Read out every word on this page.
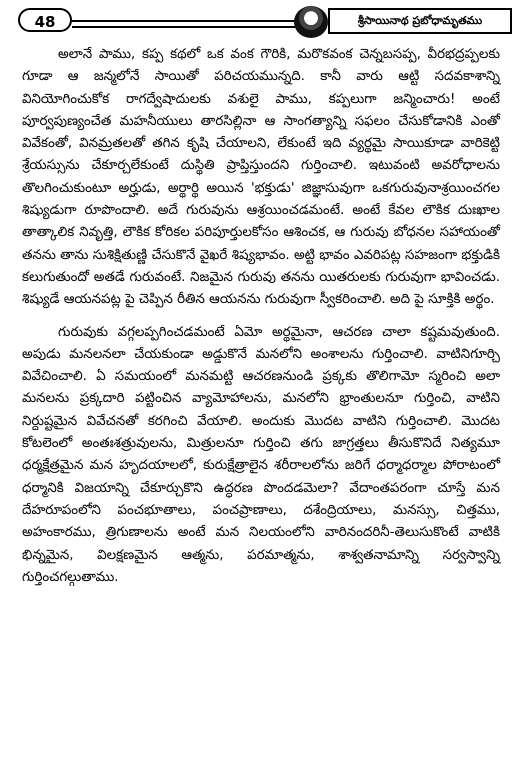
48	శ్రీసాయినాథ ప్రబోధామృతము

అలానే పాము, కప్ప కథలో ఒక వంక గౌరికి, మరొకవంక చెన్నబసప్ప, వీరభద్రప్పలకు గూడా ఆ జన్మలోనే సాయితో పరిచయమున్నది. కానీ వారు ఆట్టి సదవకాశాన్ని వినియోగించుకోక రాగద్వేషాదులకు వశులై పాము, కప్పలుగా జన్మించారు! అంటే పూర్వపుణ్యంచేత మహనీయులు తారసిల్లినా ఆ సాంగత్యాన్ని సఫలం చేసుకోడానికి ఎంతో వివేకంతో, వినమ్రతలతో తగిన కృషి చేయాలని, లేకుంటే ఇది వ్యర్థమై సాయికూడా వారికెట్టి శ్రేయస్సును చేకూర్చలేకుంటే దుస్థితి ప్రాప్తిస్తుందని గుర్తించాలి. ఇటువంటి అవరోధాలను తొలగించుకుంటూ అర్హుడు, అర్థార్థి అయిన 'భక్తుడు' జిజ్ఞాసువుగా ఒకగురువునాశ్రయించగల శిష్యుడుగా రూపొందాలి. అదే గురువును ఆశ్రయించడమంటే. అంటే కేవల లౌకిక దుఃఖాల తాత్కాలిక నివృత్తి, లౌకిక కోరికల పరిపూర్తులకోసం ఆశించక, ఆ గురువు బోధనల సహాయంతో తనను తాను సుశిక్షితుణ్ణి చేసుకొనే వైఖరే శిష్యభావం. అట్టి భావం ఎవరిపట్ల సహజంగా భక్తుడికి కలుగుతుందో అతడే గురువంటే. నిజమైన గురువు తనను యితరులకు గురువుగా భావించడు. శిష్యుడే ఆయనపట్ల పై చెప్పిన రీతిన ఆయనను గురువుగా స్వీకరించాలి. అది పై సూక్తికి అర్థం.

గురువుకు వగ్గలప్పగించడమంటే ఏమో అర్థమైనా, ఆచరణ చాలా కష్టమవుతుంది. అపుడు మనలనలా చేయకుండా అడ్డుకొనే మనలోని అంశాలను గుర్తించాలి. వాటినిగూర్చి వివేచించాలి. ఏ సమయంలో మనమట్టి ఆచరణనుండి ప్రక్కకు తొలిగామో స్మరించి అలా మనలను ప్రక్కదారి పట్టించిన వ్యామోహాలను, మనలోని భ్రాంతులనూ గుర్తించి, వాటిని నిర్దుష్టమైన వివేచనతో కరగించి వేయాలి. అందుకు మొదట వాటిని గుర్తించాలి. మొదట కోటలెంలో అంతఃశత్రువులను, మిత్రులనూ గుర్తించి తగు జాగ్రత్తలు తీసుకొనిదే నిత్యమూ ధర్మక్షేత్రమైన మన హృదయాలలో, కురుక్షేత్రాలైన శరీరాలలోను జరిగే ధర్మాధర్మాల పోరాటంలో ధర్మానికి విజయాన్ని చేకూర్చుకొని ఉద్ధరణ పొందడమెలా? వేదాంతపరంగా చూస్తే మన దేహరూపంలోని పంచభూతాలు, పంచప్రాణాలు, దశేంద్రియాలు, మనస్సు, చిత్తము, అహంకారము, త్రిగుణాలను అంటే మన నిలయంలోని వారినందరినీ-తెలుసుకొంటే వాటికి భిన్నమైన, విలక్షణమైన ఆత్మను, పరమాత్మను, శాశ్వతనామాన్ని సర్వస్వాన్ని గుర్తించగల్గుతాము.
